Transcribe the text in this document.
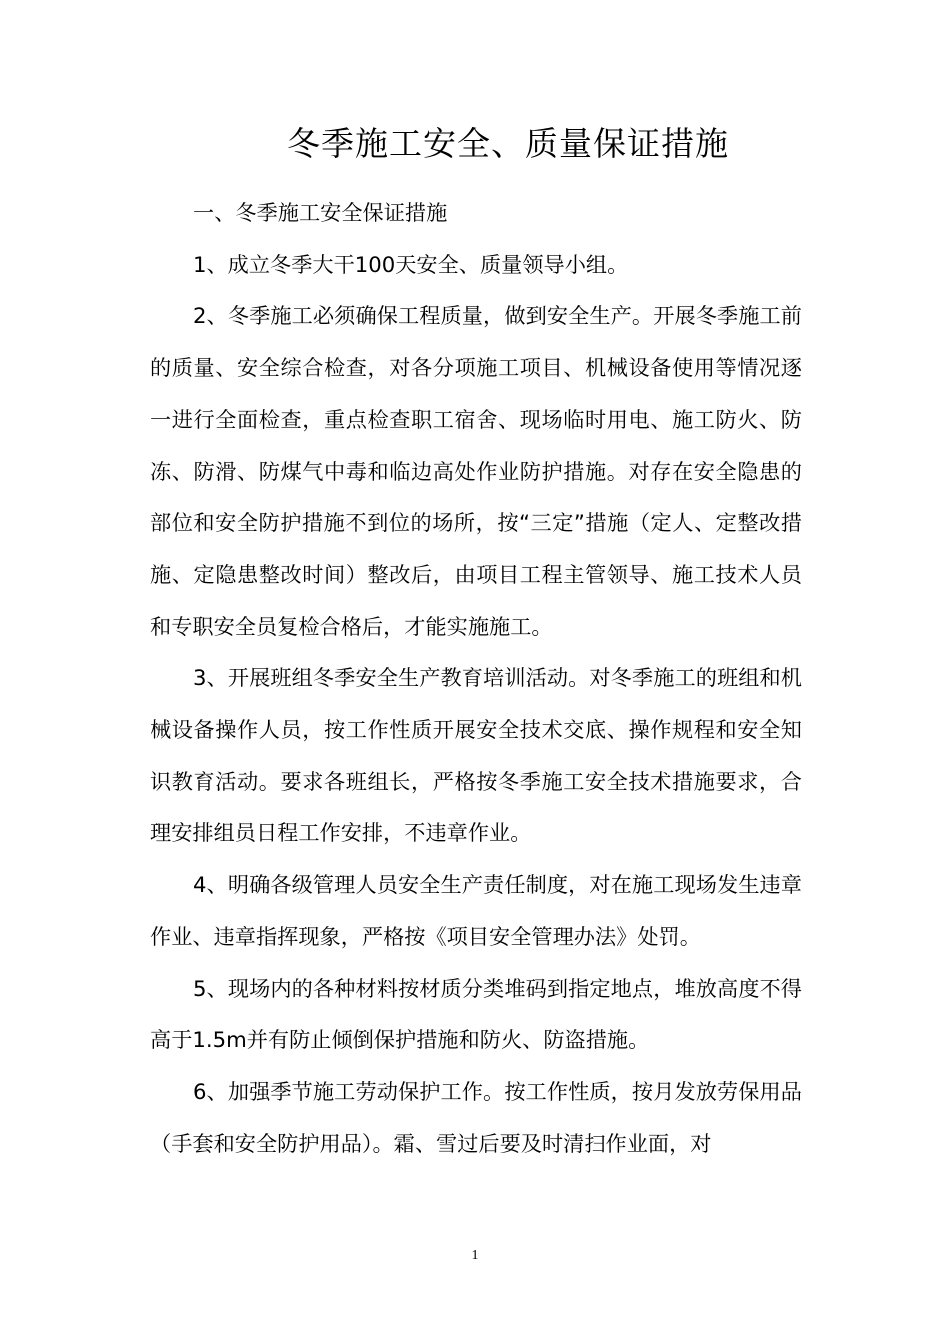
冬季施工安全、质量保证措施

一、冬季施工安全保证措施

1、成立冬季大干100天安全、质量领导小组。

2、冬季施工必须确保工程质量，做到安全生产。开展冬季施工前的质量、安全综合检查，对各分项施工项目、机械设备使用等情况逐一进行全面检查，重点检查职工宿舍、现场临时用电、施工防火、防冻、防滑、防煤气中毒和临边高处作业防护措施。对存在安全隐患的部位和安全防护措施不到位的场所，按“三定”措施（定人、定整改措施、定隐患整改时间）整改后，由项目工程主管领导、施工技术人员和专职安全员复检合格后，才能实施施工。

3、开展班组冬季安全生产教育培训活动。对冬季施工的班组和机械设备操作人员，按工作性质开展安全技术交底、操作规程和安全知识教育活动。要求各班组长，严格按冬季施工安全技术措施要求，合理安排组员日程工作安排，不违章作业。

4、明确各级管理人员安全生产责任制度，对在施工现场发生违章作业、违章指挥现象，严格按《项目安全管理办法》处罚。

5、现场内的各种材料按材质分类堆码到指定地点，堆放高度不得高于1.5m并有防止倾倒保护措施和防火、防盗措施。

6、加强季节施工劳动保护工作。按工作性质，按月发放劳保用品（手套和安全防护用品）。霜、雪过后要及时清扫作业面，对

1
